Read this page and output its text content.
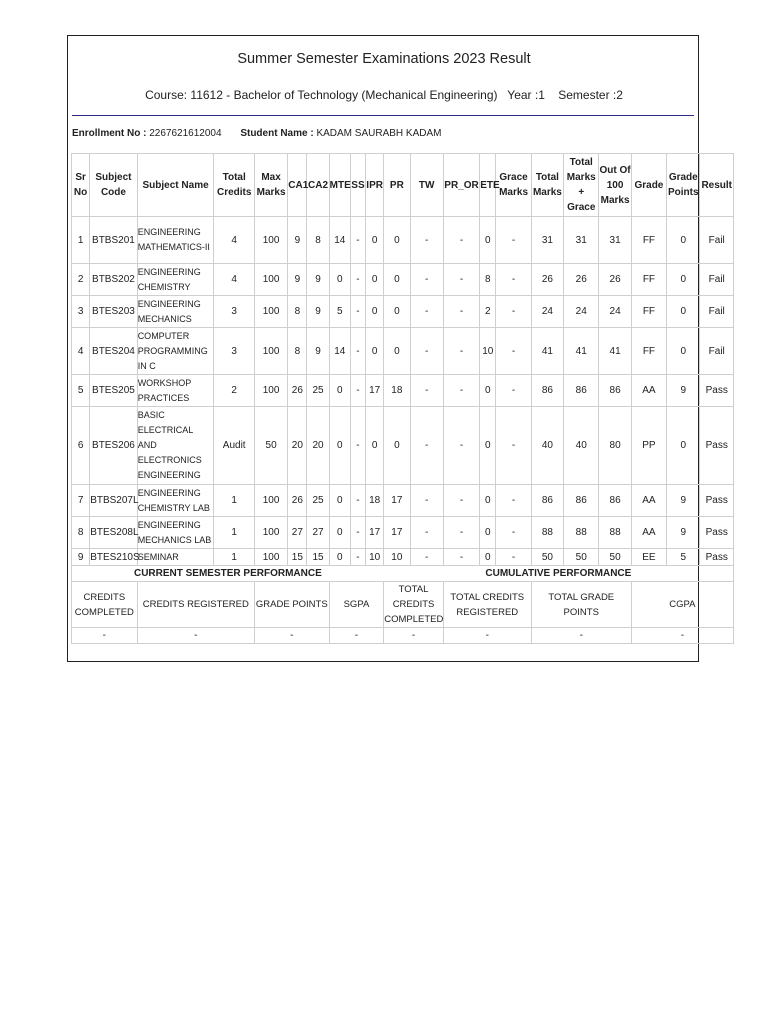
Summer Semester Examinations 2023 Result
Course: 11612 - Bachelor of Technology (Mechanical Engineering)   Year :1    Semester :2
Enrollment No : 2267621612004 Student Name : KADAM SAURABH KADAM
Sr No	Subject Code	Subject Name	Total Credits	Max Marks	CA1	CA2	MTE	SS	IPR	PR	TW	PR_OR	ETE	Grace Marks	Total Marks	Total Marks + Grace	Out Of 100 Marks	Grade	Grade Points	Result
1	BTBS201	ENGINEERING MATHEMATICS-II	4	100	9	8	14	-	0	0	-	-	0	-	31	31	31	FF	0	Fail
2	BTBS202	ENGINEERING CHEMISTRY	4	100	9	9	0	-	0	0	-	-	8	-	26	26	26	FF	0	Fail
3	BTES203	ENGINEERING MECHANICS	3	100	8	9	5	-	0	0	-	-	2	-	24	24	24	FF	0	Fail
4	BTES204	COMPUTER PROGRAMMING IN C	3	100	8	9	14	-	0	0	-	-	10	-	41	41	41	FF	0	Fail
5	BTES205	WORKSHOP PRACTICES	2	100	26	25	0	-	17	18	-	-	0	-	86	86	86	AA	9	Pass
6	BTES206	BASIC ELECTRICAL AND ELECTRONICS ENGINEERING	Audit	50	20	20	0	-	0	0	-	-	0	-	40	40	80	PP	0	Pass
7	BTBS207L	ENGINEERING CHEMISTRY LAB	1	100	26	25	0	-	18	17	-	-	0	-	86	86	86	AA	9	Pass
8	BTES208L	ENGINEERING MECHANICS LAB	1	100	27	27	0	-	17	17	-	-	0	-	88	88	88	AA	9	Pass
9	BTES210S	SEMINAR	1	100	15	15	0	-	10	10	-	-	0	-	50	50	50	EE	5	Pass
CURRENT SEMESTER PERFORMANCE										CUMULATIVE PERFORMANCE										
CREDITS COMPLETED		CREDITS REGISTERED		GRADE POINTS			SGPA			TOTAL CREDITS COMPLETED		TOTAL CREDITS REGISTERED			TOTAL GRADE POINTS			CGPA		
-		-		-			-			-		-			-			-		
